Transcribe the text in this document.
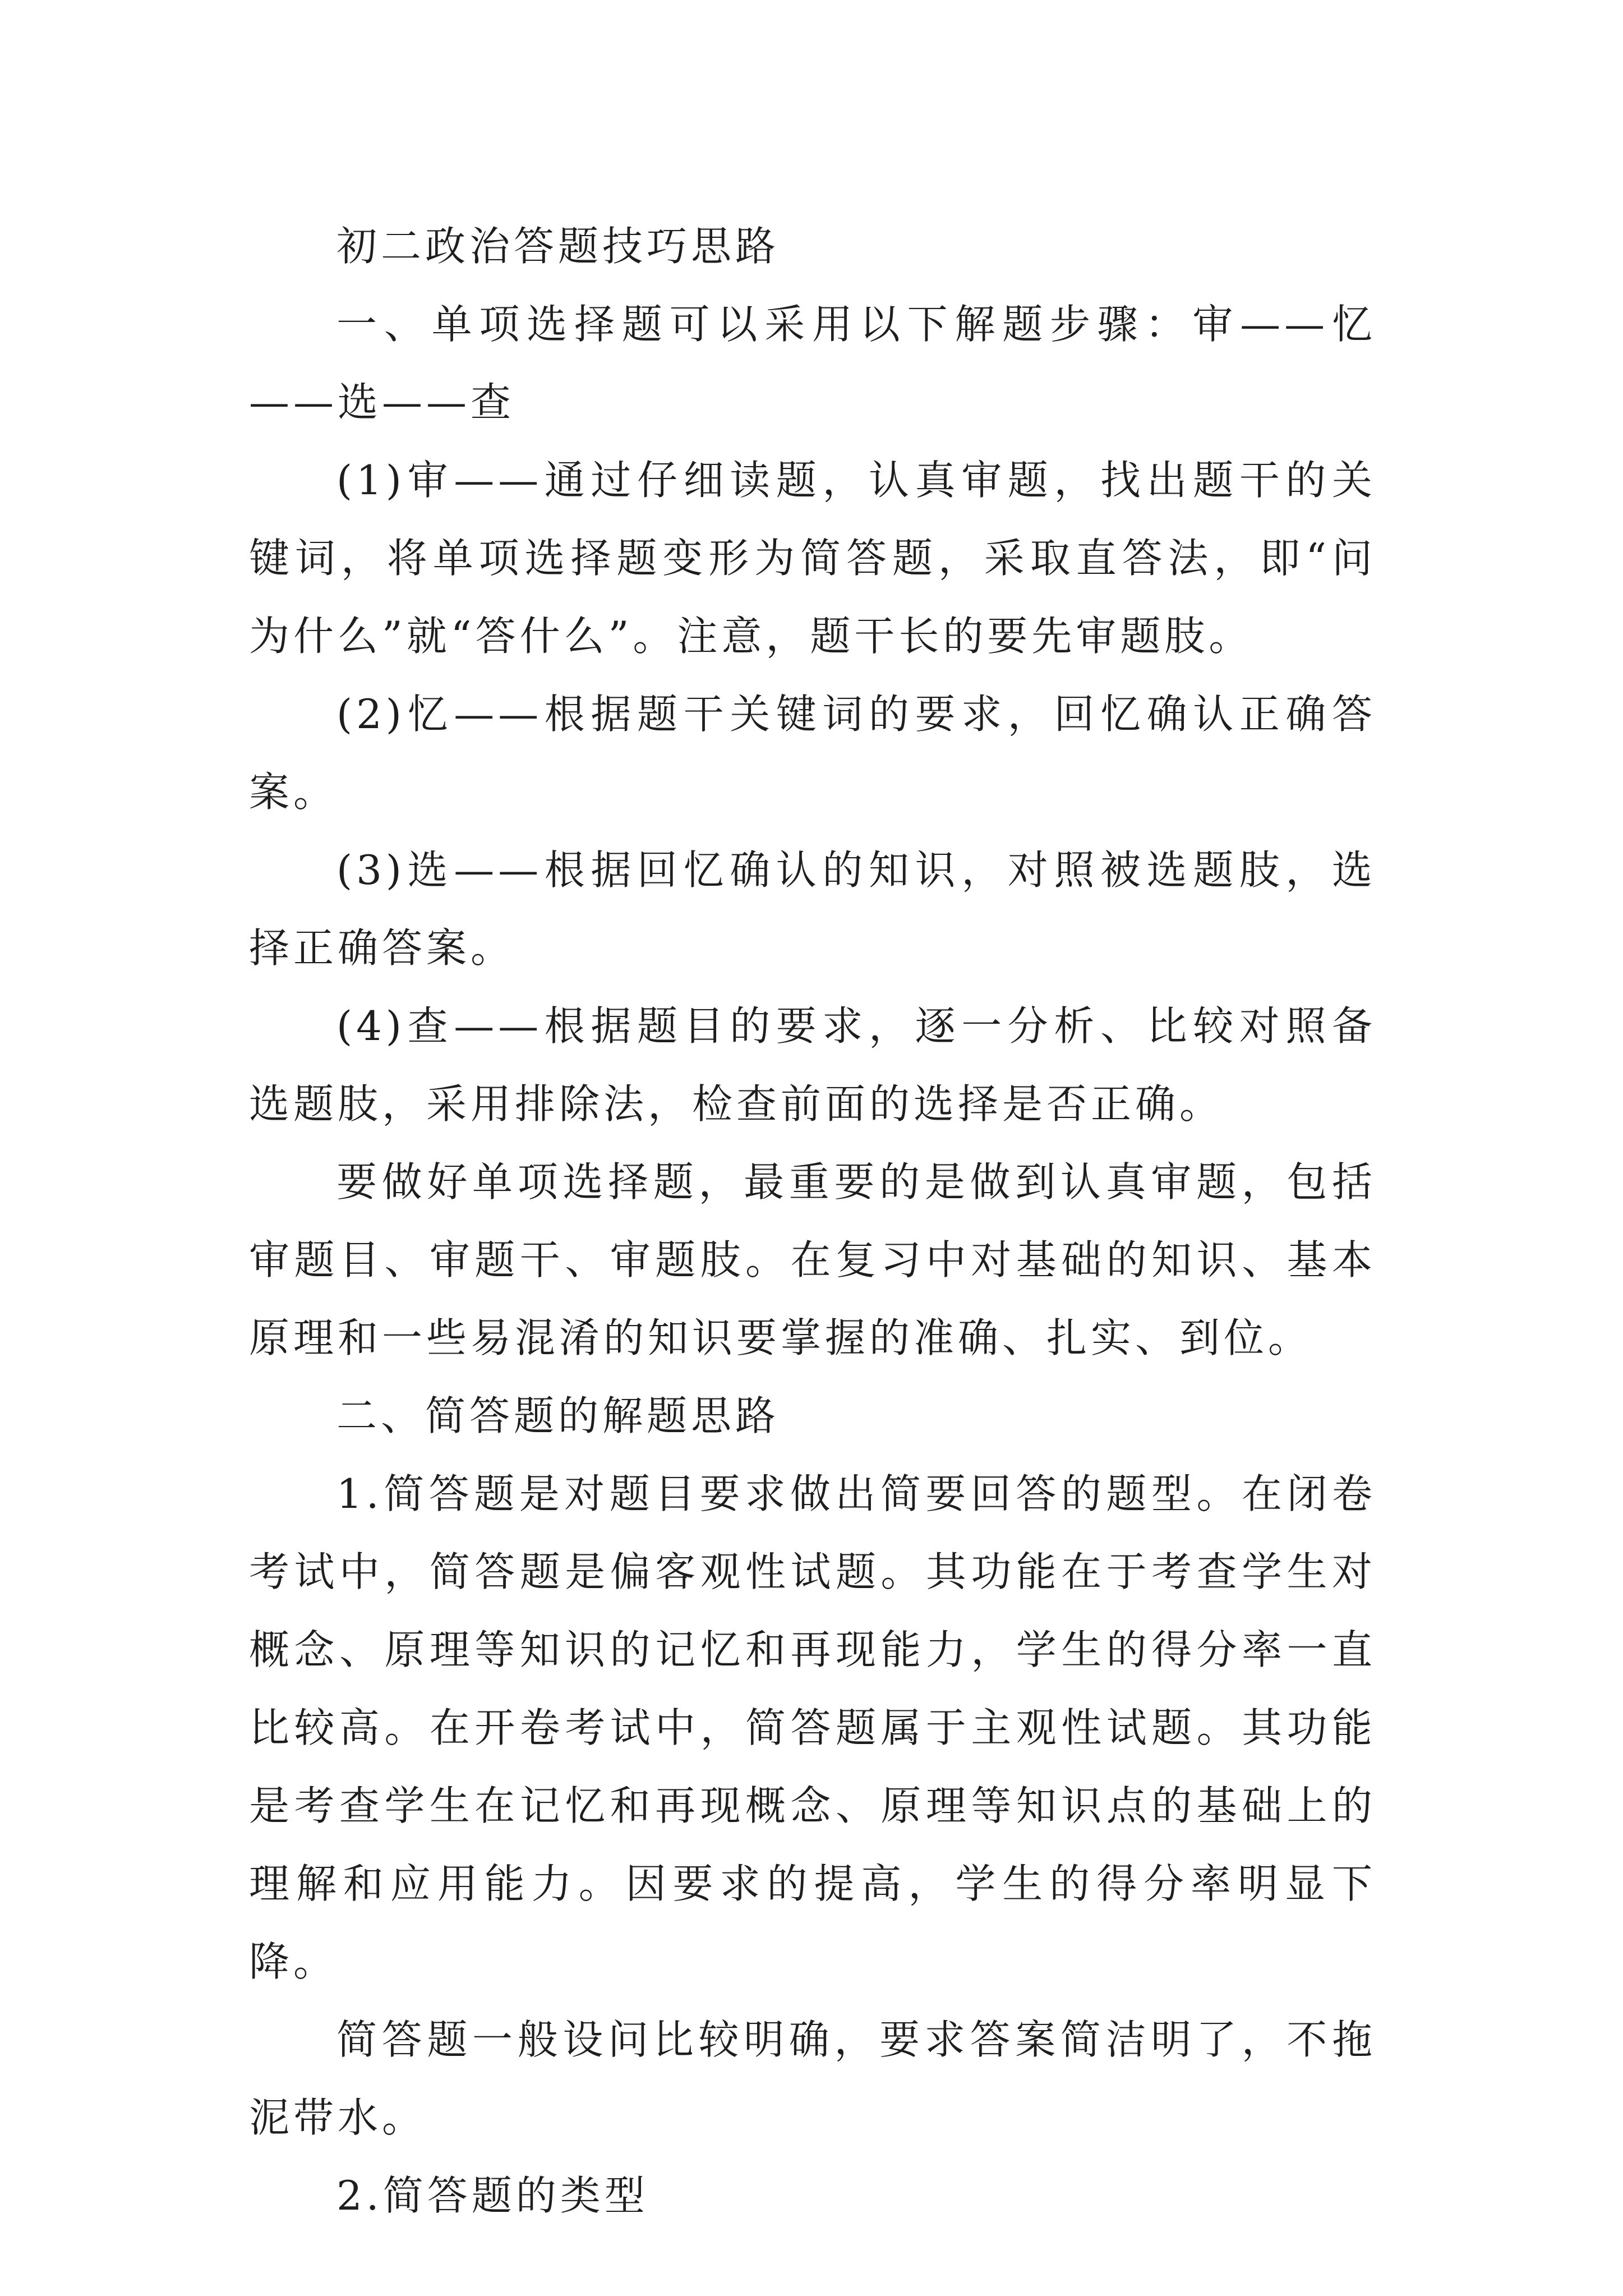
初二政治答题技巧思路

一、单项选择题可以采用以下解题步骤：审——忆——选——查

(1)审——通过仔细读题，认真审题，找出题干的关键词，将单项选择题变形为简答题，采取直答法，即“问为什么”就“答什么”。注意，题干长的要先审题肢。

(2)忆——根据题干关键词的要求，回忆确认正确答案。

(3)选——根据回忆确认的知识，对照被选题肢，选择正确答案。

(4)查——根据题目的要求，逐一分析、比较对照备选题肢，采用排除法，检查前面的选择是否正确。

要做好单项选择题，最重要的是做到认真审题，包括审题目、审题干、审题肢。在复习中对基础的知识、基本原理和一些易混淆的知识要掌握的准确、扎实、到位。

二、简答题的解题思路

1.简答题是对题目要求做出简要回答的题型。在闭卷考试中，简答题是偏客观性试题。其功能在于考查学生对概念、原理等知识的记忆和再现能力，学生的得分率一直比较高。在开卷考试中，简答题属于主观性试题。其功能是考查学生在记忆和再现概念、原理等知识点的基础上的理解和应用能力。因要求的提高，学生的得分率明显下降。

简答题一般设问比较明确，要求答案简洁明了，不拖泥带水。

2.简答题的类型
